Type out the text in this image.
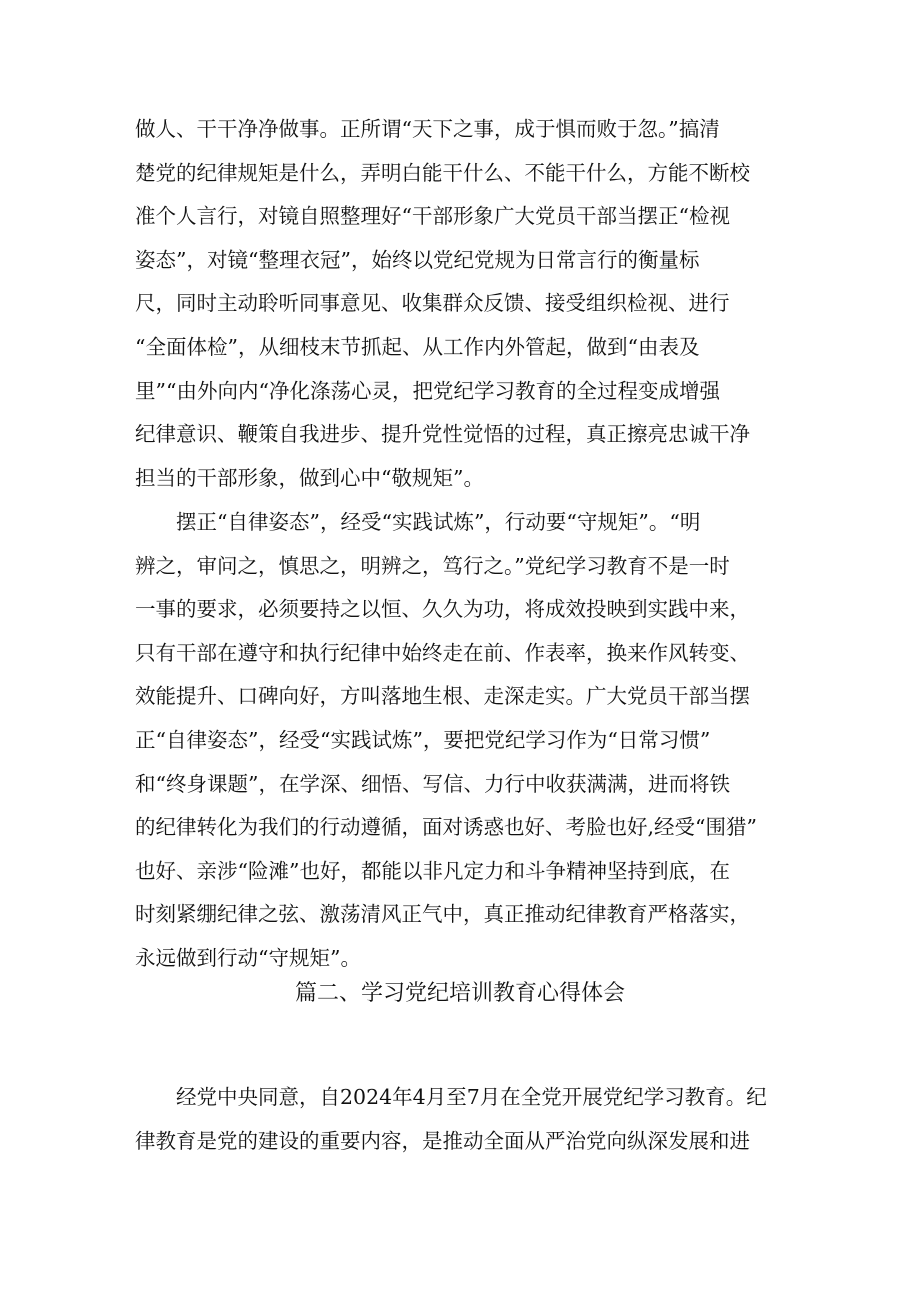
做人、干干净净做事。正所谓“天下之事，成于惧而败于忽。”搞清
楚党的纪律规矩是什么，弄明白能干什么、不能干什么，方能不断校
准个人言行，对镜自照整理好“干部形象广大党员干部当摆正“检视
姿态”，对镜“整理衣冠”，始终以党纪党规为日常言行的衡量标
尺，同时主动聆听同事意见、收集群众反馈、接受组织检视、进行
“全面体检”，从细枝末节抓起、从工作内外管起，做到“由表及
里”“由外向内“净化涤荡心灵，把党纪学习教育的全过程变成增强
纪律意识、鞭策自我进步、提升党性觉悟的过程，真正擦亮忠诚干净
担当的干部形象，做到心中“敬规矩”。
摆正“自律姿态”，经受“实践试炼”，行动要“守规矩”。“明
辨之，审问之，慎思之，明辨之，笃行之。”党纪学习教育不是一时
一事的要求，必须要持之以恒、久久为功，将成效投映到实践中来，
只有干部在遵守和执行纪律中始终走在前、作表率，换来作风转变、
效能提升、口碑向好，方叫落地生根、走深走实。广大党员干部当摆
正“自律姿态”，经受“实践试炼”，要把党纪学习作为“日常习惯”
和“终身课题”，在学深、细悟、写信、力行中收获满满，进而将铁
的纪律转化为我们的行动遵循，面对诱惑也好、考脸也好,经受“围猎”
也好、亲涉“险滩”也好，都能以非凡定力和斗争精神坚持到底，在
时刻紧绷纪律之弦、激荡清风正气中，真正推动纪律教育严格落实，
永远做到行动“守规矩”。
篇二、学习党纪培训教育心得体会
经党中央同意，自2024年4月至7月在全党开展党纪学习教育。纪
律教育是党的建设的重要内容，是推动全面从严治党向纵深发展和进
